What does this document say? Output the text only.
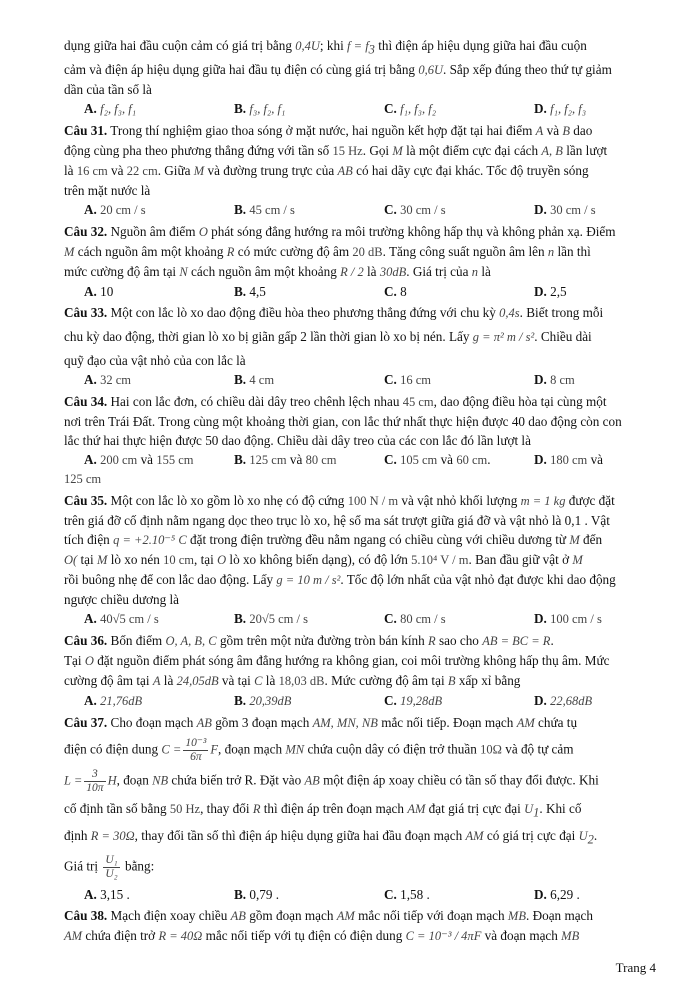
dụng giữa hai đầu cuộn cảm có giá trị bằng 0,4U; khi $f = f_3$ thì điện áp hiệu dụng giữa hai đầu cuộn

cảm và điện áp hiệu dụng giữa hai đầu tụ điện có cùng giá trị bằng 0,6U. Sắp xếp đúng theo thứ tự giảm

dần của tần số là

A. f₂, f₃, f₁	B. f₃, f₂, f₁	C. f₁, f₃, f₂	D. f₁, f₂, f₃

Câu 31. Trong thí nghiệm giao thoa sóng ở mặt nước, hai nguồn kết hợp đặt tại hai điểm A và B dao

động cùng pha theo phương thẳng đứng với tần số 15 Hz. Gọi M là một điểm cực đại cách A, B lần lượt

là 16 cm và 22 cm. Giữa M và đường trung trực của AB có hai dãy cực đại khác. Tốc độ truyền sóng

trên mặt nước là

A. 20 cm / s	B. 45 cm / s	C. 30 cm / s	D. 30 cm / s

Câu 32. Nguồn âm điểm O phát sóng đẳng hướng ra môi trường không hấp thụ và không phản xạ. Điểm

M cách nguồn âm một khoảng R có mức cường độ âm 20 dB. Tăng công suất nguồn âm lên n lần thì

mức cường độ âm tại N cách nguồn âm một khoảng R / 2 là 30dB. Giá trị của n là

A. 10	B. 4,5	C. 8	D. 2,5

Câu 33. Một con lắc lò xo dao động điều hòa theo phương thẳng đứng với chu kỳ 0,4s. Biết trong mỗi

chu kỳ dao động, thời gian lò xo bị giãn gấp 2 lần thời gian lò xo bị nén. Lấy g = π² m / s². Chiều dài

quỹ đạo của vật nhỏ của con lắc là

A. 32 cm	B. 4 cm	C. 16 cm	D. 8 cm

Câu 34. Hai con lắc đơn, có chiều dài dây treo chênh lệch nhau 45 cm, dao động điều hòa tại cùng một

nơi trên Trái Đất. Trong cùng một khoảng thời gian, con lắc thứ nhất thực hiện được 40 dao động còn con

lắc thứ hai thực hiện được 50 dao động. Chiều dài dây treo của các con lắc đó lần lượt là

A. 200 cm và 155 cm	B. 125 cm và 80 cm	C. 105 cm và 60 cm.	D. 180 cm và

125 cm

Câu 35. Một con lắc lò xo gồm lò xo nhẹ có độ cứng 100 N / m và vật nhỏ khối lượng m = 1 kg được đặt

trên giá đỡ cố định nằm ngang dọc theo trục lò xo, hệ số ma sát trượt giữa giá đỡ và vật nhỏ là 0,1 . Vật

tích điện q = +2.10⁻⁵ C đặt trong điện trường đều nằm ngang có chiều cùng với chiều dương từ M đến

O( tại M lò xo nén 10 cm, tại O lò xo không biến dạng), có độ lớn 5.10⁴ V / m. Ban đầu giữ vật ở M

rồi buông nhẹ để con lắc dao động. Lấy g = 10 m / s². Tốc độ lớn nhất của vật nhỏ đạt được khi dao động

ngược chiều dương là

A. 40√5 cm / s	B. 20√5 cm / s	C. 80 cm / s	D. 100 cm / s

Câu 36. Bốn điểm O, A, B, C gồm trên một nửa đường tròn bán kính R sao cho AB = BC = R.

Tại O đặt nguồn điểm phát sóng âm đẳng hướng ra không gian, coi môi trường không hấp thụ âm. Mức

cường độ âm tại A là 24,05dB và tại C là 18,03 dB. Mức cường độ âm tại B xấp xỉ bằng

A. 21,76dB	B. 20,39dB	C. 19,28dB	D. 22,68dB

Câu 37. Cho đoạn mạch AB gồm 3 đoạn mạch AM, MN, NB mắc nối tiếp. Đoạn mạch AM chứa tụ

điện có điện dung $C = \frac{\text{10⁻³}}{6\pi} F$, đoạn mạch MN chứa cuộn dây có điện trở thuần 10Ω và độ tự cảm

$L = \frac{3}{10\pi} H$, đoạn NB chứa biến trở R. Đặt vào AB một điện áp xoay chiều có tần số thay đổi được. Khi

cố định tần số bằng 50 Hz, thay đổi R thì điện áp trên đoạn mạch AM đạt giá trị cực đại $U_1$. Khi cố

định R = 30Ω, thay đổi tần số thì điện áp hiệu dụng giữa hai đầu đoạn mạch AM có giá trị cực đại $U_2$.

Giá trị $\frac{\text{U₁}}{\text{U₂}}$ bằng:

A. 3,15 .	B. 0,79 .	C. 1,58 .	D. 6,29 .

Câu 38. Mạch điện xoay chiều AB gồm đoạn mạch AM mắc nối tiếp với đoạn mạch MB. Đoạn mạch

AM chứa điện trở R = 40Ω mắc nối tiếp với tụ điện có điện dung C = 10⁻³ / 4πF và đoạn mạch MB

Trang 4
